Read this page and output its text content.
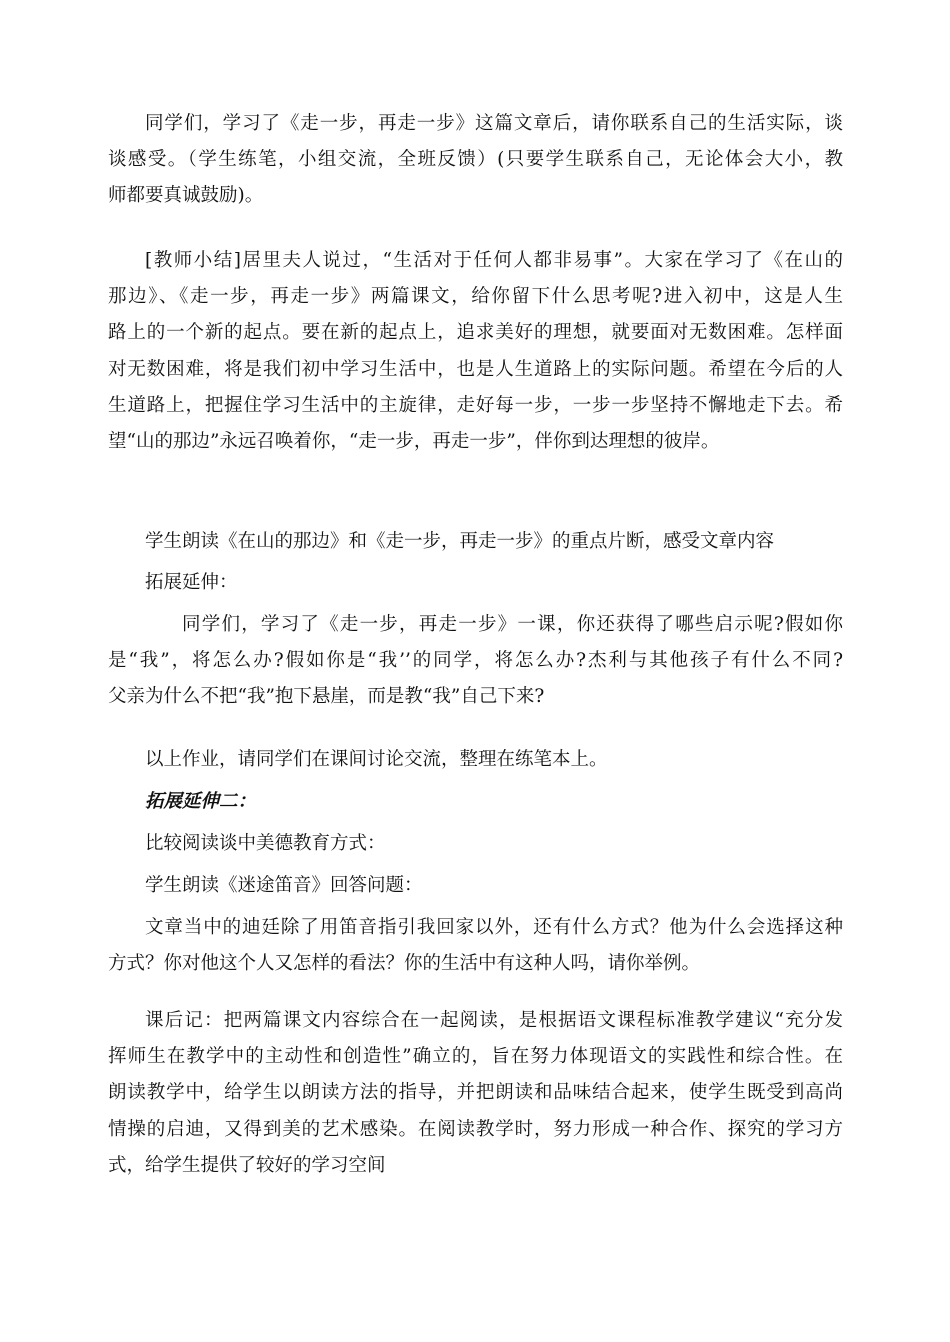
同学们，学习了《走一步，再走一步》这篇文章后，请你联系自己的生活实际，谈
谈感受。（学生练笔，小组交流，全班反馈）(只要学生联系自己，无论体会大小，教
师都要真诚鼓励)。
[教师小结]居里夫人说过，“生活对于任何人都非易事”。大家在学习了《在山的
那边》、《走一步，再走一步》两篇课文，给你留下什么思考呢?进入初中，这是人生
路上的一个新的起点。要在新的起点上，追求美好的理想，就要面对无数困难。怎样面
对无数困难，将是我们初中学习生活中，也是人生道路上的实际问题。希望在今后的人
生道路上，把握住学习生活中的主旋律，走好每一步，一步一步坚持不懈地走下去。希
望“山的那边”永远召唤着你，“走一步，再走一步”，伴你到达理想的彼岸。
学生朗读《在山的那边》和《走一步，再走一步》的重点片断，感受文章内容
拓展延伸：
同学们，学习了《走一步，再走一步》一课，你还获得了哪些启示呢?假如你
是“我”，将怎么办?假如你是“我’’的同学，将怎么办?杰利与其他孩子有什么不同?
父亲为什么不把“我”抱下悬崖，而是教“我”自己下来?
以上作业，请同学们在课间讨论交流，整理在练笔本上。
拓展延伸二：
比较阅读谈中美德教育方式：
学生朗读《迷途笛音》回答问题：
文章当中的迪廷除了用笛音指引我回家以外，还有什么方式？他为什么会选择这种
方式？你对他这个人又怎样的看法？你的生活中有这种人吗，请你举例。
课后记：把两篇课文内容综合在一起阅读，是根据语文课程标准教学建议“充分发
挥师生在教学中的主动性和创造性”确立的，旨在努力体现语文的实践性和综合性。在
朗读教学中，给学生以朗读方法的指导，并把朗读和品味结合起来，使学生既受到高尚
情操的启迪，又得到美的艺术感染。在阅读教学时，努力形成一种合作、探究的学习方
式，给学生提供了较好的学习空间
